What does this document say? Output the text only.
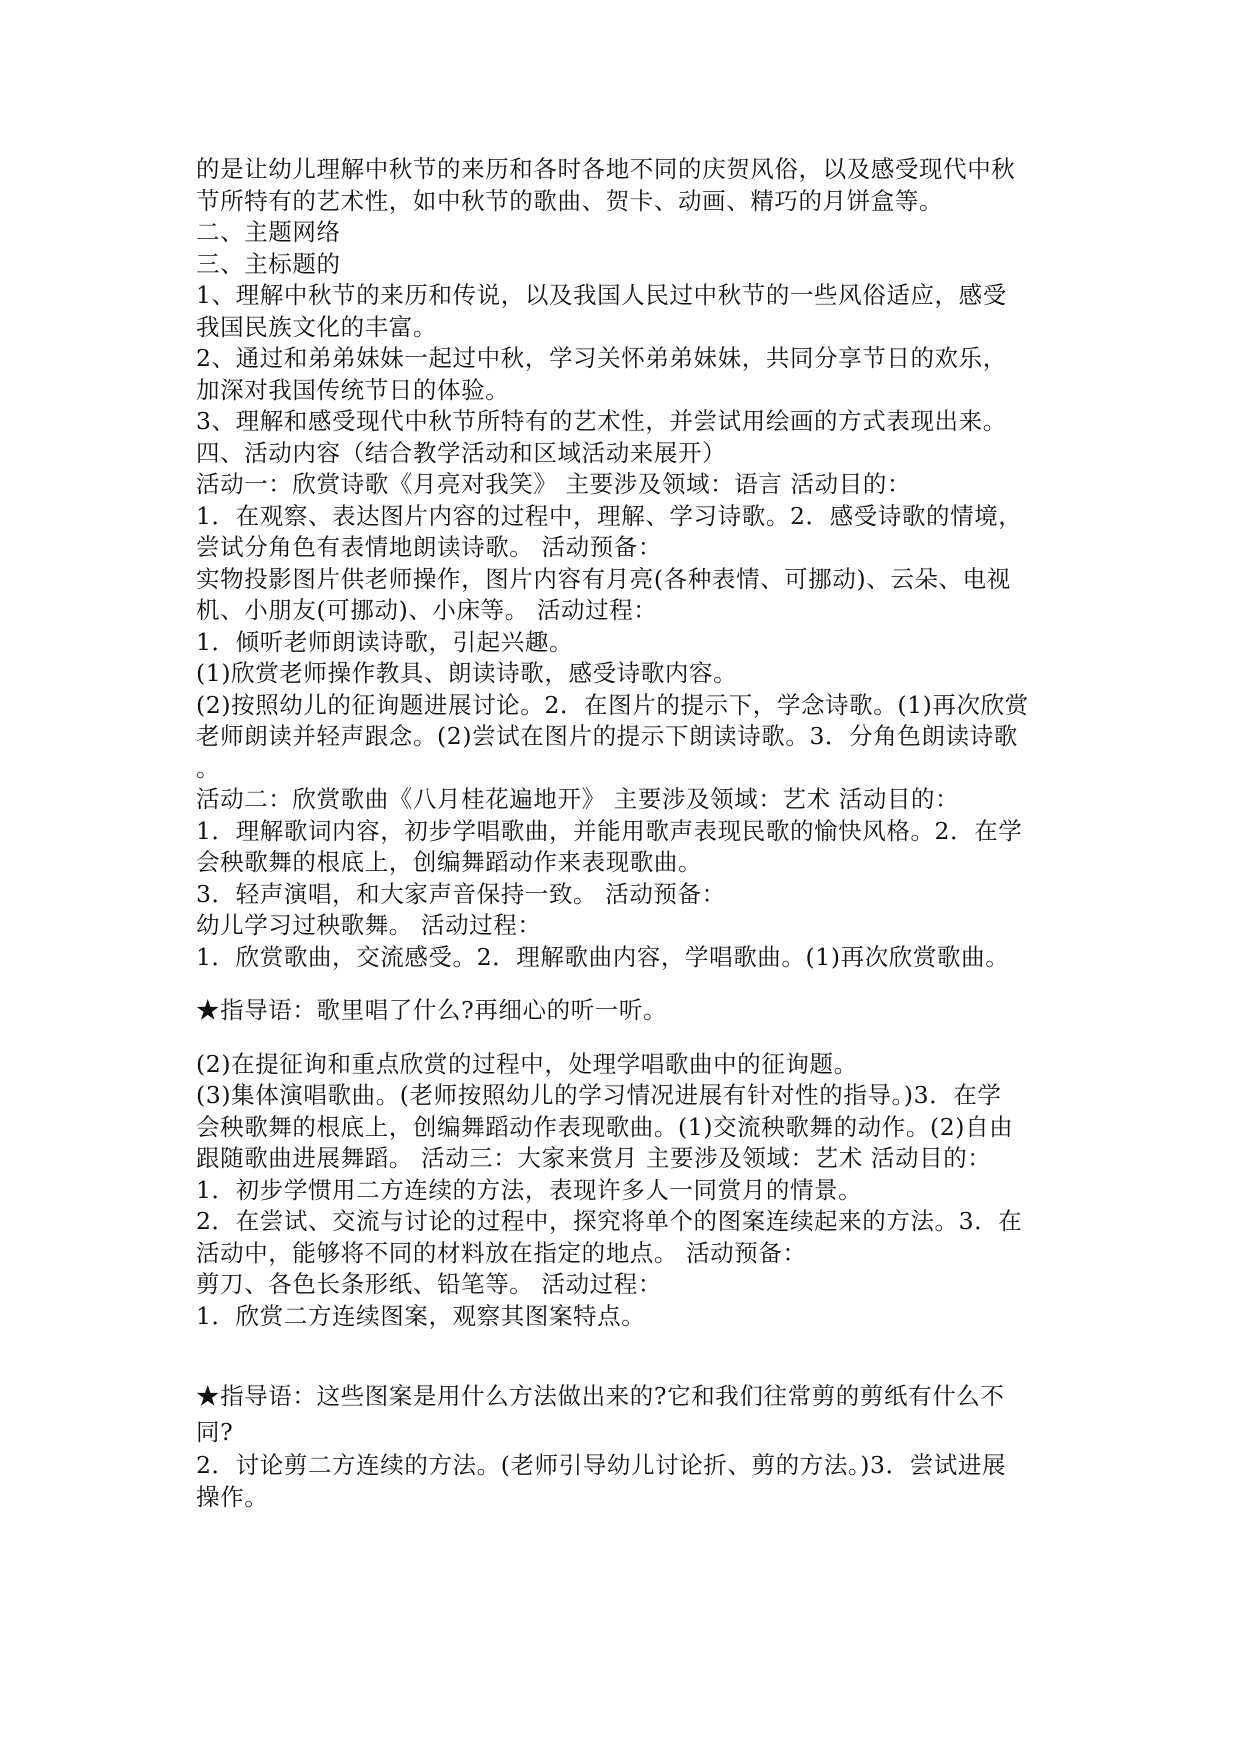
的是让幼儿理解中秋节的来历和各时各地不同的庆贺风俗，以及感受现代中秋
节所特有的艺术性，如中秋节的歌曲、贺卡、动画、精巧的月饼盒等。
二、主题网络
三、主标题的
1、理解中秋节的来历和传说，以及我国人民过中秋节的一些风俗适应，感受
我国民族文化的丰富。
2、通过和弟弟妹妹一起过中秋，学习关怀弟弟妹妹，共同分享节日的欢乐，
加深对我国传统节日的体验。
3、理解和感受现代中秋节所特有的艺术性，并尝试用绘画的方式表现出来。
四、活动内容（结合教学活动和区域活动来展开）
活动一：欣赏诗歌《月亮对我笑》 主要涉及领域：语言 活动目的：
1．在观察、表达图片内容的过程中，理解、学习诗歌。2．感受诗歌的情境，
尝试分角色有表情地朗读诗歌。 活动预备：
实物投影图片供老师操作，图片内容有月亮(各种表情、可挪动)、云朵、电视
机、小朋友(可挪动)、小床等。 活动过程：
1．倾听老师朗读诗歌，引起兴趣。
(1)欣赏老师操作教具、朗读诗歌，感受诗歌内容。
(2)按照幼儿的征询题进展讨论。2．在图片的提示下，学念诗歌。(1)再次欣赏
老师朗读并轻声跟念。(2)尝试在图片的提示下朗读诗歌。3．分角色朗读诗歌
。
活动二：欣赏歌曲《八月桂花遍地开》 主要涉及领域：艺术 活动目的：
1．理解歌词内容，初步学唱歌曲，并能用歌声表现民歌的愉快风格。2．在学
会秧歌舞的根底上，创编舞蹈动作来表现歌曲。
3．轻声演唱，和大家声音保持一致。 活动预备：
幼儿学习过秧歌舞。 活动过程：
1．欣赏歌曲，交流感受。2．理解歌曲内容，学唱歌曲。(1)再次欣赏歌曲。
★指导语：歌里唱了什么?再细心的听一听。
(2)在提征询和重点欣赏的过程中，处理学唱歌曲中的征询题。
(3)集体演唱歌曲。(老师按照幼儿的学习情况进展有针对性的指导。)3．在学
会秧歌舞的根底上，创编舞蹈动作表现歌曲。(1)交流秧歌舞的动作。(2)自由
跟随歌曲进展舞蹈。 活动三：大家来赏月 主要涉及领域：艺术 活动目的：
1．初步学惯用二方连续的方法，表现许多人一同赏月的情景。
2．在尝试、交流与讨论的过程中，探究将单个的图案连续起来的方法。3．在
活动中，能够将不同的材料放在指定的地点。 活动预备：
剪刀、各色长条形纸、铅笔等。 活动过程：
1．欣赏二方连续图案，观察其图案特点。
★指导语：这些图案是用什么方法做出来的?它和我们往常剪的剪纸有什么不
同?
2．讨论剪二方连续的方法。(老师引导幼儿讨论折、剪的方法。)3．尝试进展
操作。
